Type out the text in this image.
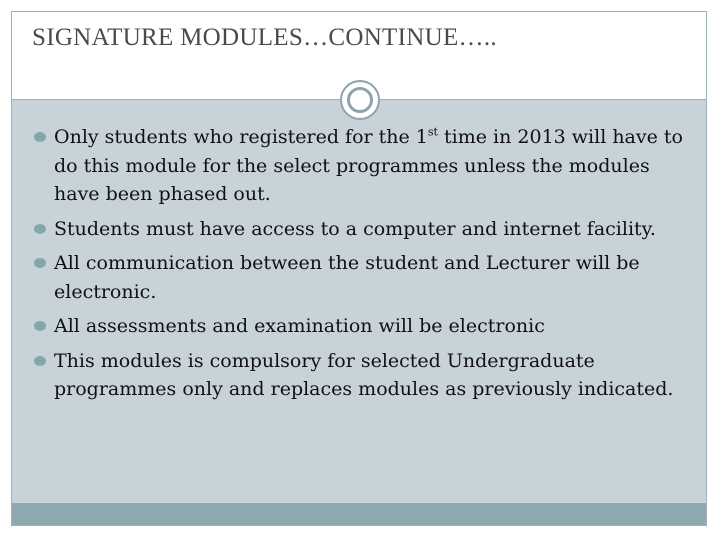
SIGNATURE MODULES…CONTINUE…..
Only students who registered for the 1st time in 2013 will have to do this module for the select programmes unless the modules have been phased out.
Students must have access to a computer and internet facility.
All communication between the student and Lecturer will be electronic.
All assessments and examination will be electronic
This modules is compulsory for selected Undergraduate programmes only and replaces modules as previously indicated.
